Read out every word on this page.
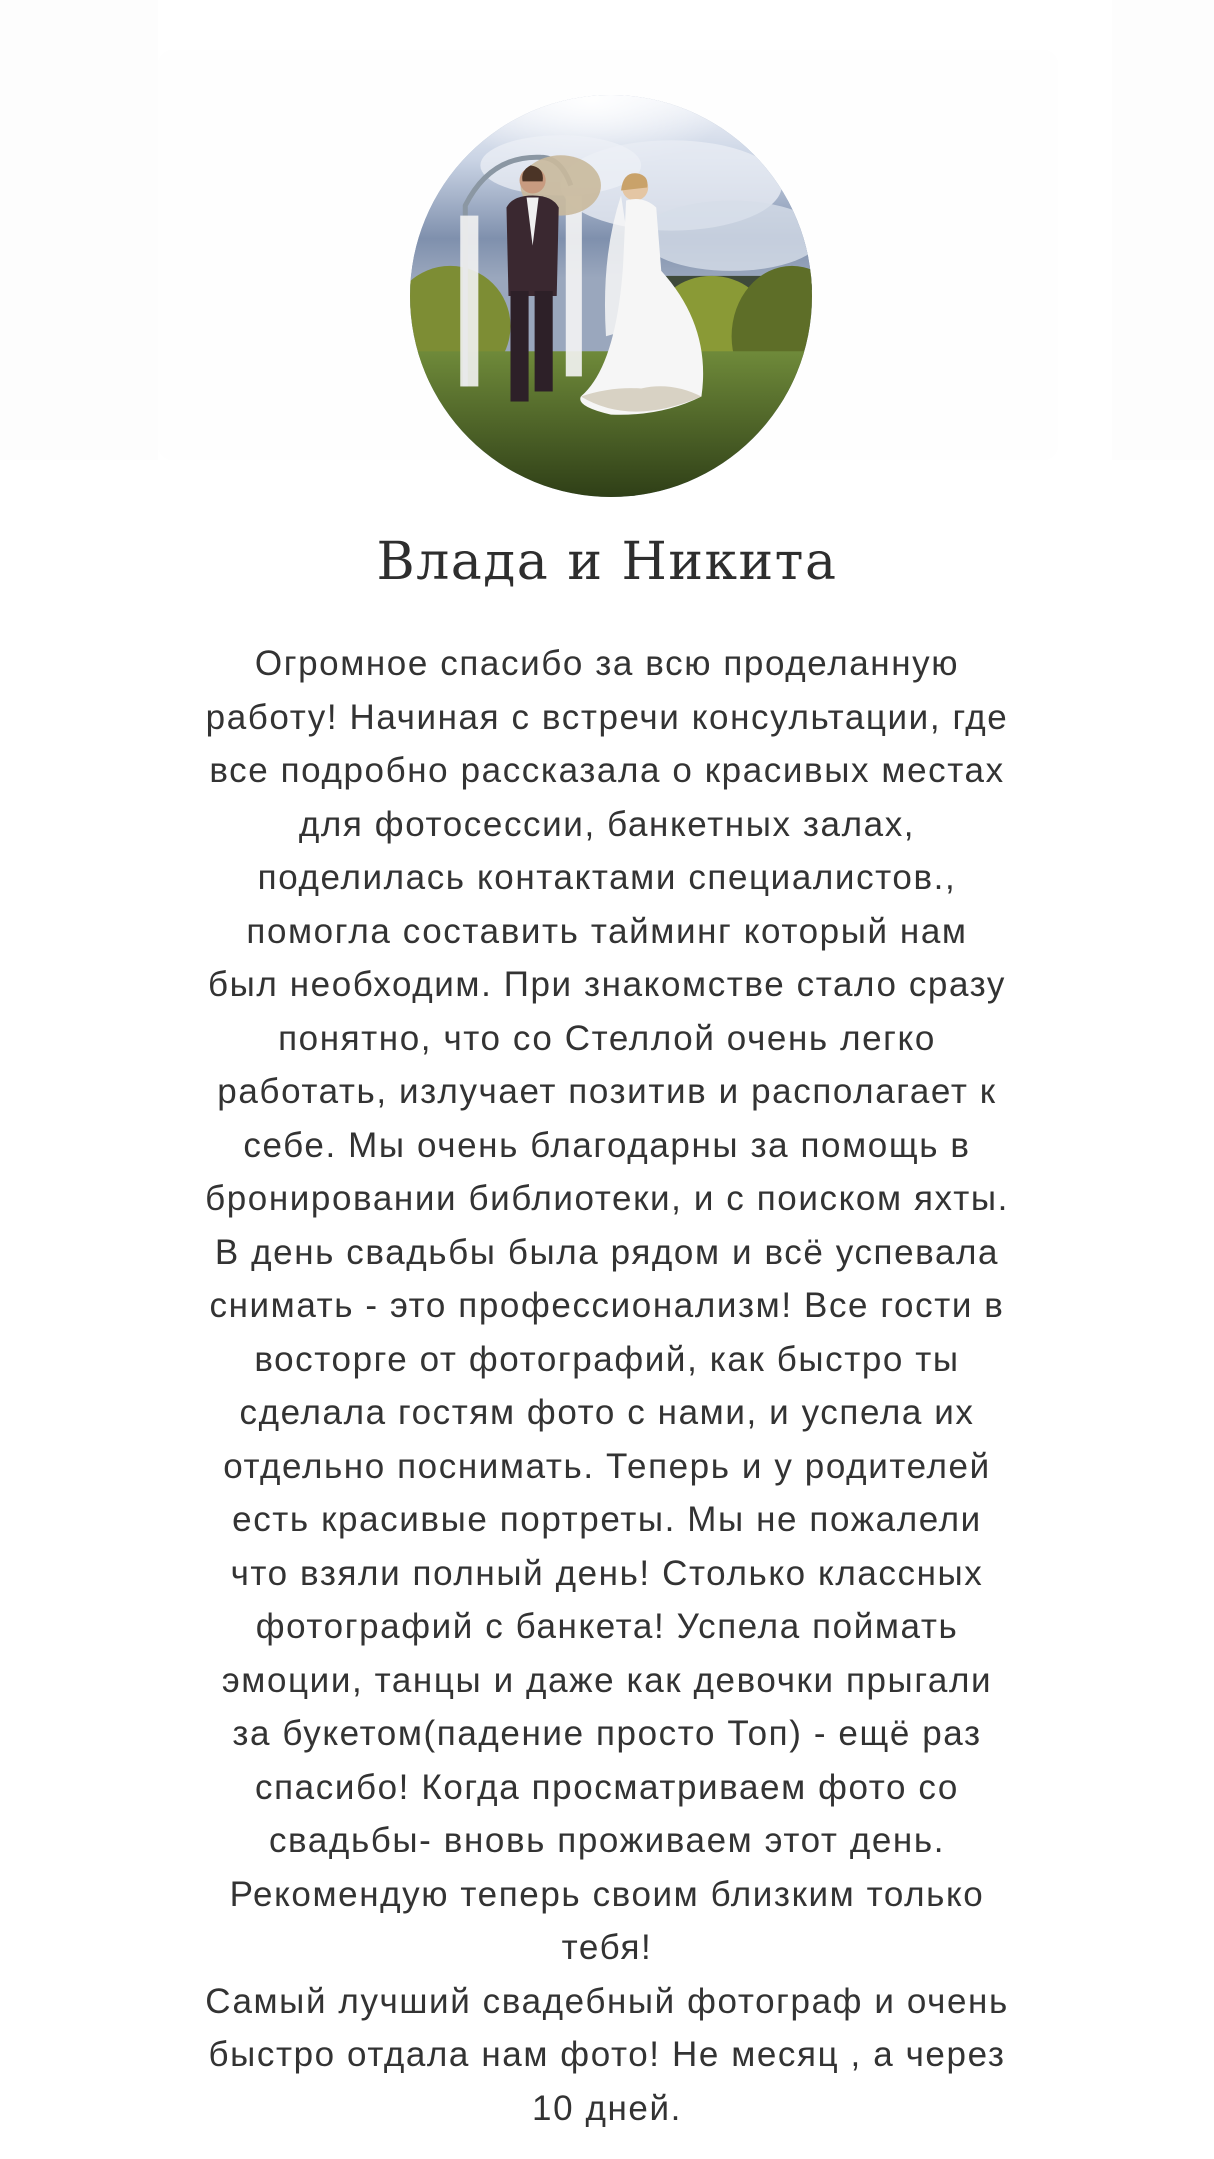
Влада и Никита

Огромное спасибо за всю проделанную
работу! Начиная с встречи консультации, где
все подробно рассказала о красивых местах
для фотосессии, банкетных залах,
поделилась контактами специалистов.,
помогла составить тайминг который нам
был необходим. При знакомстве стало сразу
понятно, что со Стеллой очень легко
работать, излучает позитив и располагает к
себе. Мы очень благодарны за помощь в
бронировании библиотеки, и с поиском яхты.
В день свадьбы была рядом и всё успевала
снимать - это профессионализм! Все гости в
восторге от фотографий, как быстро ты
сделала гостям фото с нами, и успела их
отдельно поснимать. Теперь и у родителей
есть красивые портреты. Мы не пожалели
что взяли полный день! Столько классных
фотографий с банкета! Успела поймать
эмоции, танцы и даже как девочки прыгали
за букетом(падение просто Топ) - ещё раз
спасибо! Когда просматриваем фото со
свадьбы- вновь проживаем этот день.
Рекомендую теперь своим близким только
тебя!
Самый лучший свадебный фотограф и очень
быстро отдала нам фото! Не месяц , а через
10 дней.
